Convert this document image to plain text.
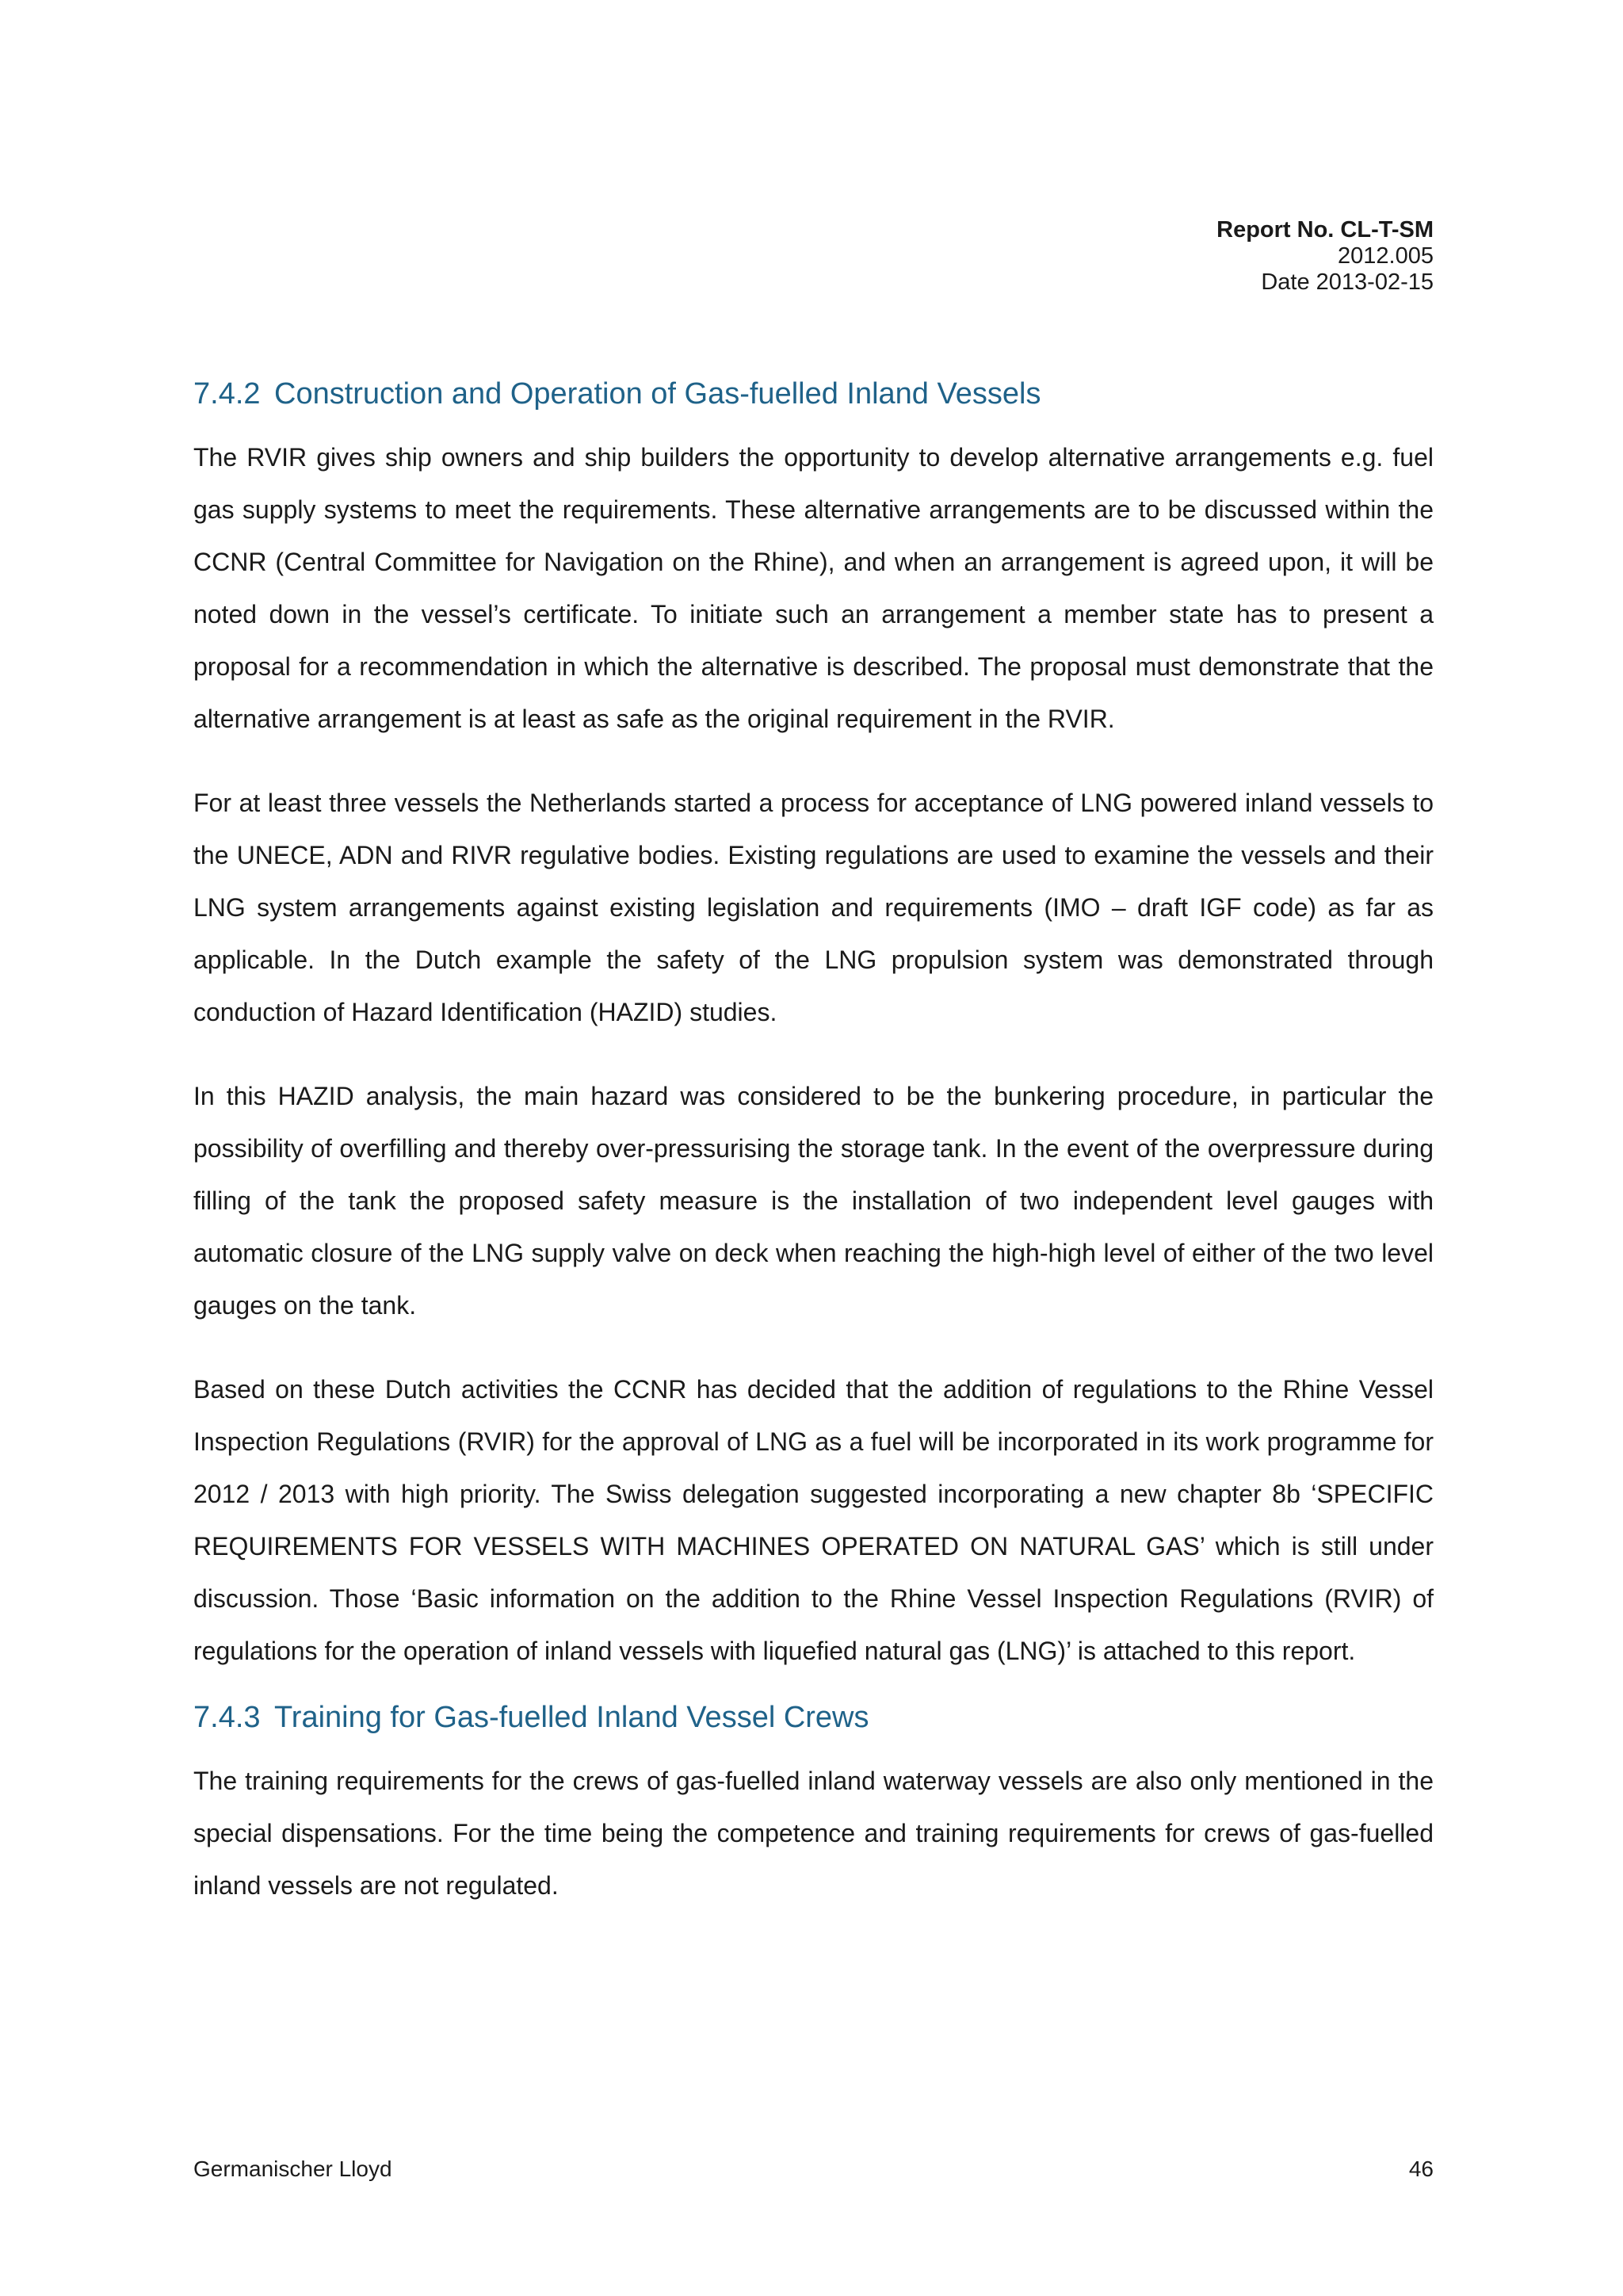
Report No. CL-T-SM
2012.005
Date 2013-02-15
7.4.2 Construction and Operation of Gas-fuelled Inland Vessels

The RVIR gives ship owners and ship builders the opportunity to develop alternative arrangements e.g. fuel gas supply systems to meet the requirements. These alternative arrangements are to be discussed within the CCNR (Central Committee for Navigation on the Rhine), and when an arrangement is agreed upon, it will be noted down in the vessel’s certificate. To initiate such an arrangement a member state has to present a proposal for a recommendation in which the alternative is described. The proposal must demonstrate that the alternative arrangement is at least as safe as the original requirement in the RVIR.

For at least three vessels the Netherlands started a process for acceptance of LNG powered inland vessels to the UNECE, ADN and RIVR regulative bodies. Existing regulations are used to examine the vessels and their LNG system arrangements against existing legislation and requirements (IMO – draft IGF code) as far as applicable. In the Dutch example the safety of the LNG propulsion system was demonstrated through conduction of Hazard Identification (HAZID) studies.

In this HAZID analysis, the main hazard was considered to be the bunkering procedure, in particular the possibility of overfilling and thereby over-pressurising the storage tank. In the event of the overpressure during filling of the tank the proposed safety measure is the installation of two independent level gauges with automatic closure of the LNG supply valve on deck when reaching the high-high level of either of the two level gauges on the tank.

Based on these Dutch activities the CCNR has decided that the addition of regulations to the Rhine Vessel Inspection Regulations (RVIR) for the approval of LNG as a fuel will be incorporated in its work programme for 2012 / 2013 with high priority. The Swiss delegation suggested incorporating a new chapter 8b ‘SPECIFIC REQUIREMENTS FOR VESSELS WITH MACHINES OPERATED ON NATURAL GAS’ which is still under discussion. Those ‘Basic information on the addition to the Rhine Vessel Inspection Regulations (RVIR) of regulations for the operation of inland vessels with liquefied natural gas (LNG)’ is attached to this report.

7.4.3 Training for Gas-fuelled Inland Vessel Crews

The training requirements for the crews of gas-fuelled inland waterway vessels are also only mentioned in the special dispensations. For the time being the competence and training requirements for crews of gas-fuelled inland vessels are not regulated.

Germanischer Lloyd	46
